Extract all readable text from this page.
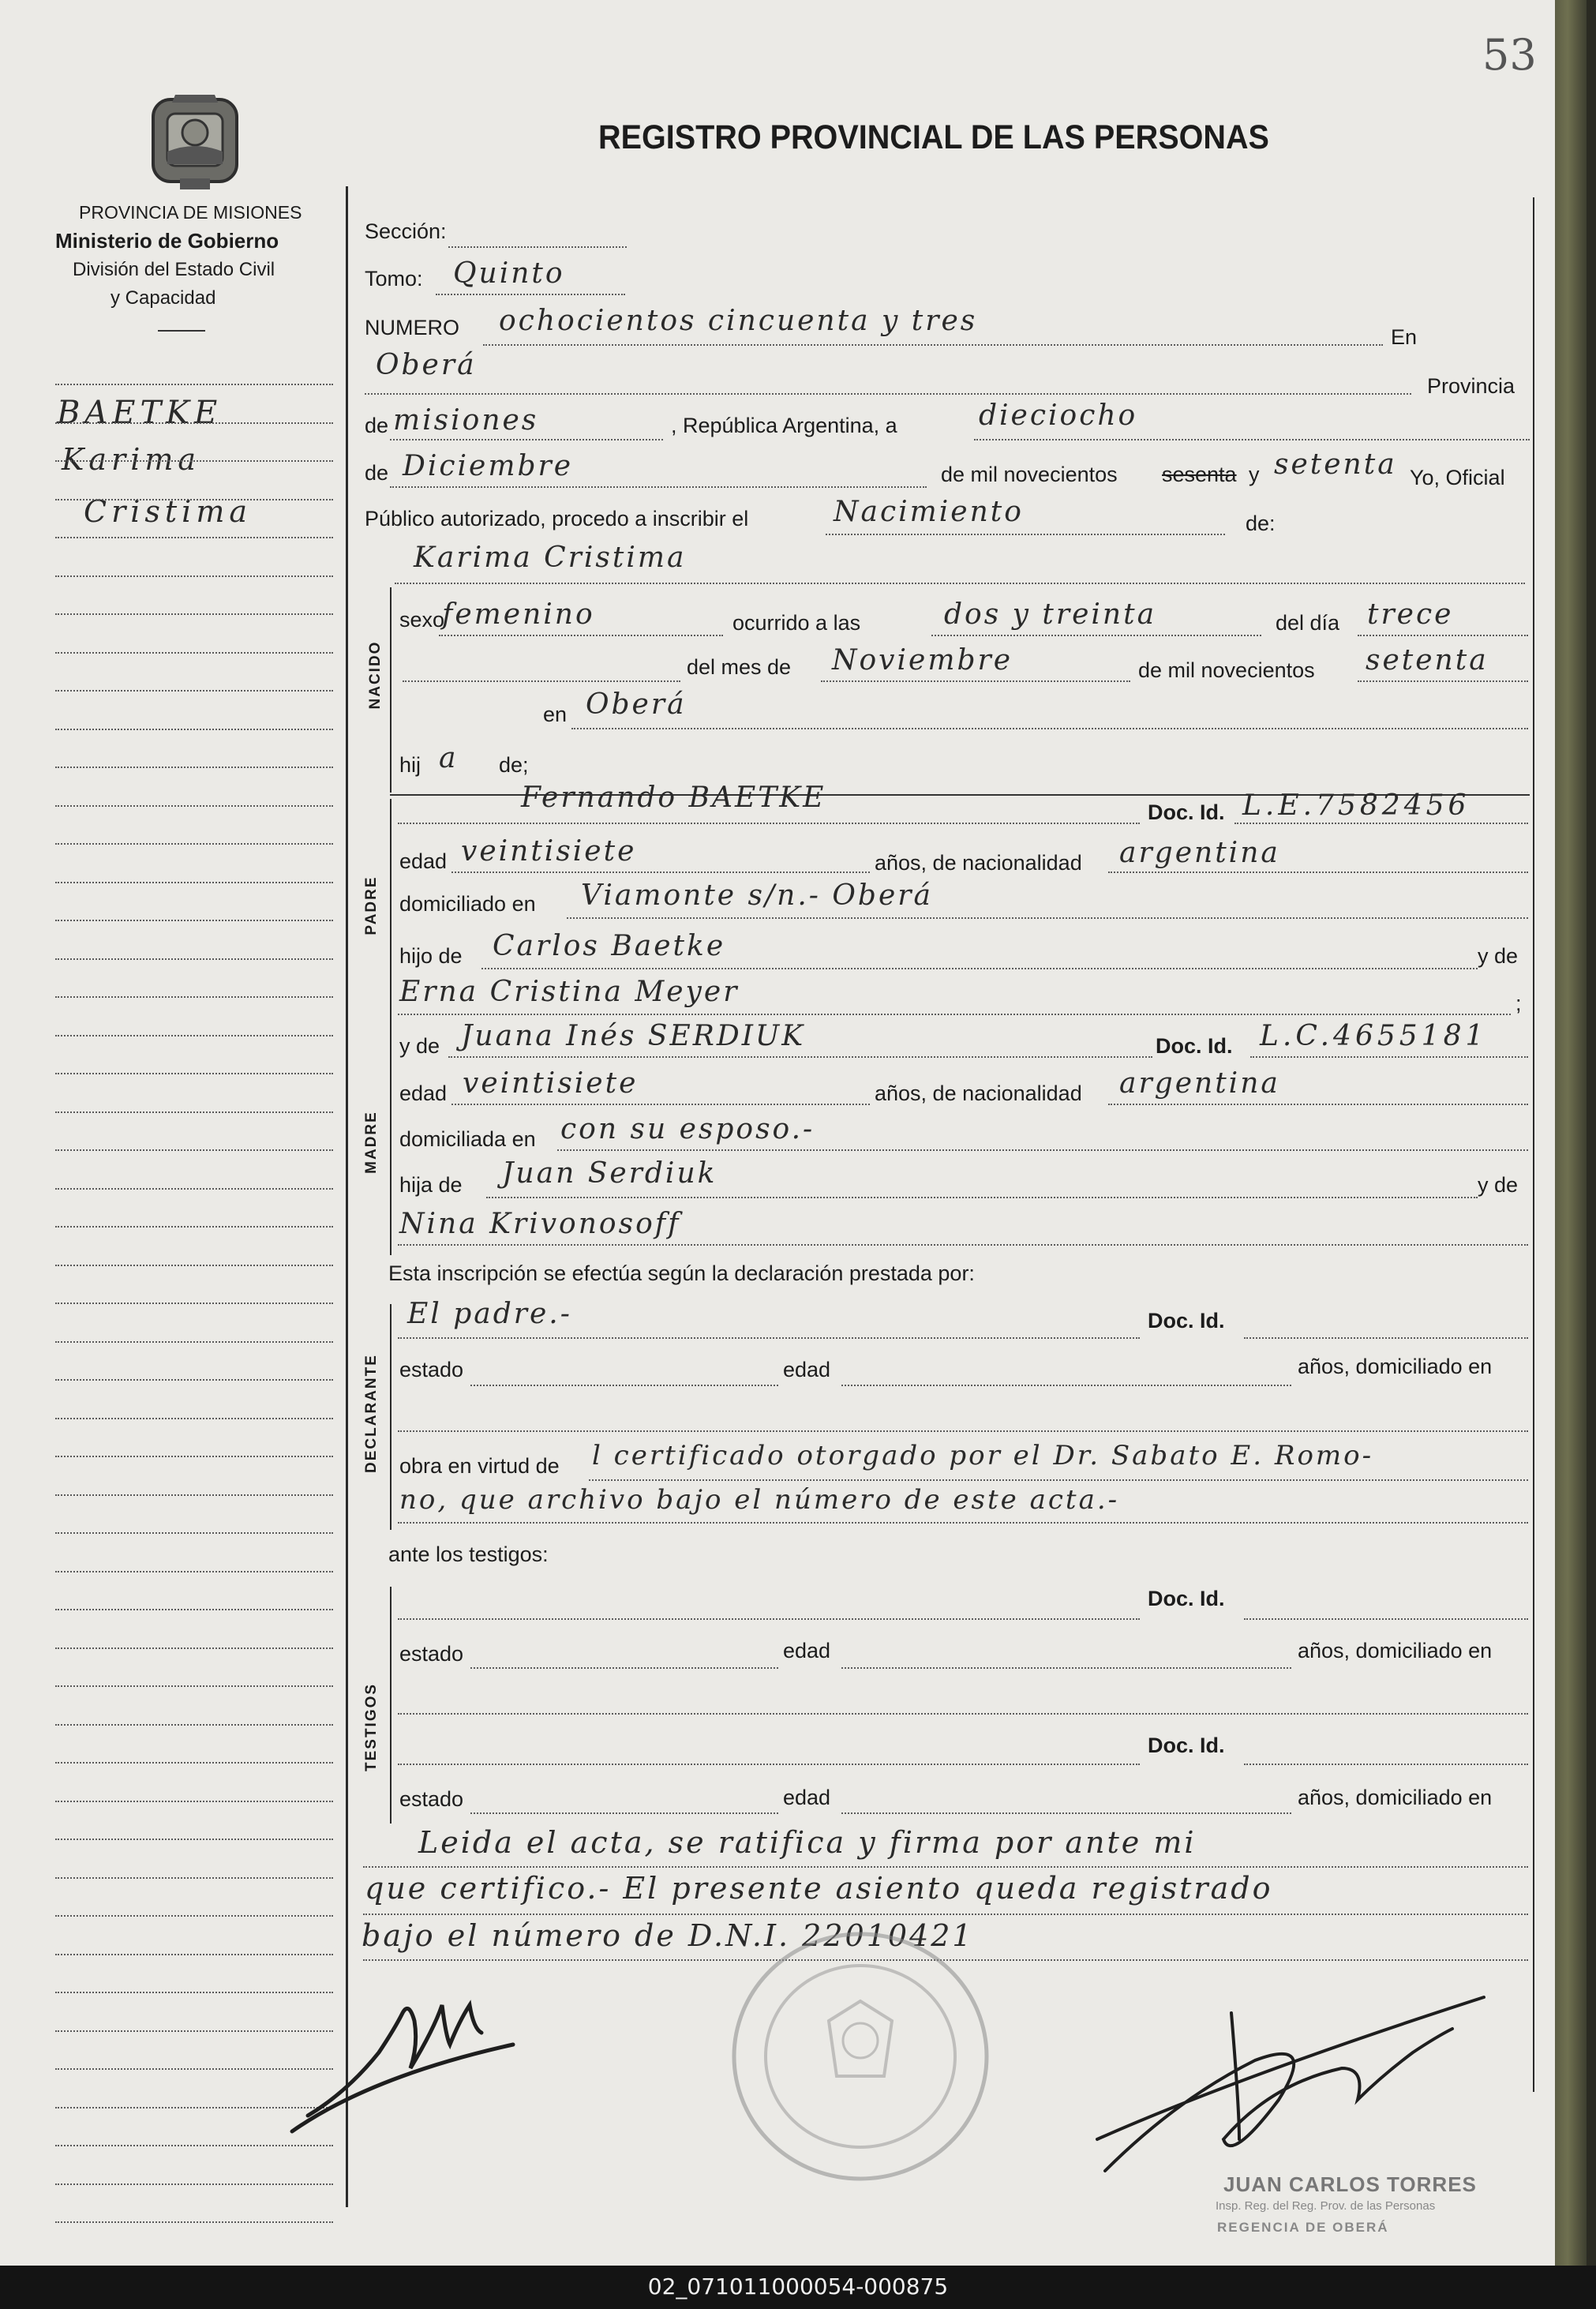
53
REGISTRO PROVINCIAL DE LAS PERSONAS
PROVINCIA DE MISIONES
Ministerio de Gobierno
División del Estado Civil
y Capacidad
BAETKE
Karima
Cristima
Sección:
Tomo: Quinto
NUMERO ochocientos cincuenta y tres	En
Oberá
Provincia
de misiones	, República Argentina, a	dieciocho
de Diciembre	de mil novecientos sesenta y setenta Yo, Oficial
Público autorizado, procedo a inscribir el	Nacimiento	de:
Karima Cristima
NACIDO
sexo
femenino	ocurrido a las	dos y treinta	del día trece
del mes de Noviembre	de mil novecientos setenta
en Oberá
hij a de;
PADRE
Fernando BAETKE	Doc. Id. L.E.7582456
edad veintisiete	años, de nacionalidad argentina
domiciliado en Viamonte s/n.- Oberá
hijo de Carlos Baetke	y de
Erna Cristina Meyer	;
MADRE
y de Juana Inés SERDIUK	Doc. Id. L.C.4655181
edad veintisiete	años, de nacionalidad argentina
domiciliada en con su esposo.-
hija de Juan Serdiuk	y de
Nina Krivonosoff
Esta inscripción se efectúa según la declaración prestada por:
DECLARANTE
El padre.-	Doc. Id.
estado	edad	años, domiciliado en
obra en virtud de l certificado otorgado por el Dr. Sabato E. Romo-
no, que archivo bajo el número de este acta.-
ante los testigos:
TESTIGOS
Doc. Id.
estado	edad	años, domiciliado en
Doc. Id.
estado	edad	años, domiciliado en
Leida el acta, se ratifica y firma por ante mi
que certifico.- El presente asiento queda registrado
bajo el número de D.N.I. 22010421
JUAN CARLOS TORRES
Insp. Reg. del Reg. Prov. de las Personas
REGENCIA DE OBERÁ
02_071011000054-000875
